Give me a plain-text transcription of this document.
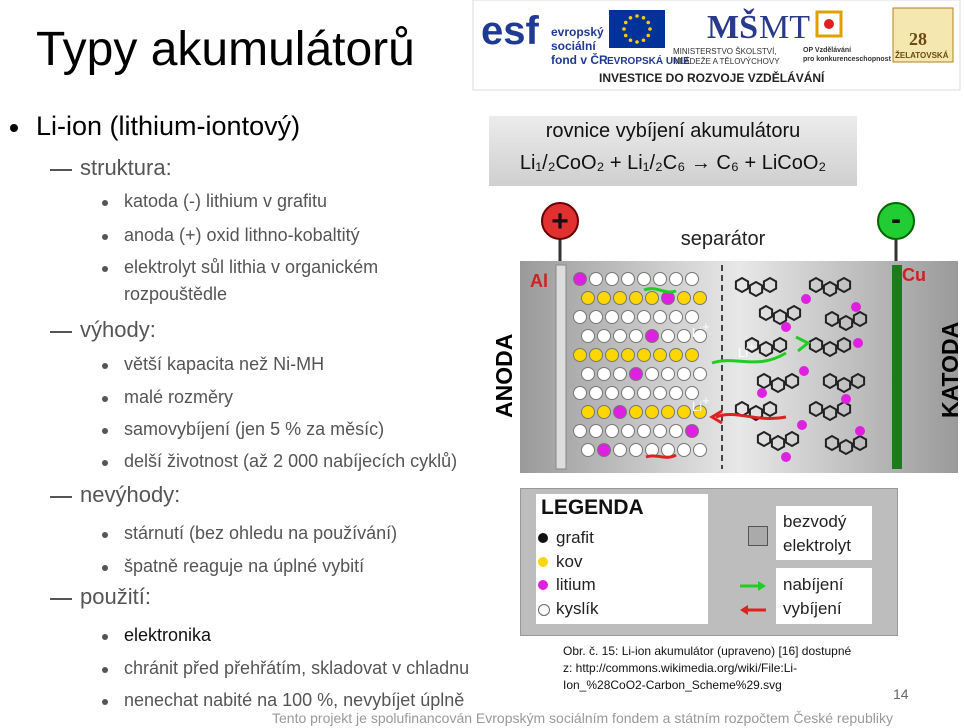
Typy akumulátorů
Li-ion (lithium-iontový)
struktura:
katoda (-) lithium v grafitu
anoda (+) oxid lithno-kobaltitý
elektrolyt sůl lithia v organickém
rozpouštědle
výhody:
větší kapacita než Ni-MH
malé rozměry
samovybíjení (jen 5 % za měsíc)
delší životnost (až 2 000 nabíjecích cyklů)
nevýhody:
stárnutí (bez ohledu na používání)
špatně reaguje na úplné vybití
použití:
elektronika
chránit před přehřátím, skladovat v chladnu
nenechat nabité na 100 %, nevybíjet úplně
esf evropský
sociální
fond v ČR EVROPSKÁ UNIE
MŠ MT
MINISTERSTVO ŠKOLSTVÍ,
MLÁDEŽE A TĚLOVÝCHOVY
OP Vzdělávání
pro konkurenceschopnost
28
ŽELATOVSKÁ
INVESTICE DO ROZVOJE VZDĚLÁVÁNÍ
rovnice vybíjení akumulátoru
Li₁/₂CoO₂ + Li₁/₂C₆ → C₆ + LiCoO₂
+	-
separátor
Al	Cu
Li+
Li+
Li+
ANODA	KATODA
LEGENDA
grafit
kov
litium
kyslík
bezvodý
elektrolyt
nabíjení
vybíjení
Obr. č. 15: Li-ion akumulátor (upraveno) [16] dostupné
z: http://commons.wikimedia.org/wiki/File:Li-
Ion_%28CoO2-Carbon_Scheme%29.svg
14
Tento projekt je spolufinancován Evropským sociálním fondem a státním rozpočtem České republiky
